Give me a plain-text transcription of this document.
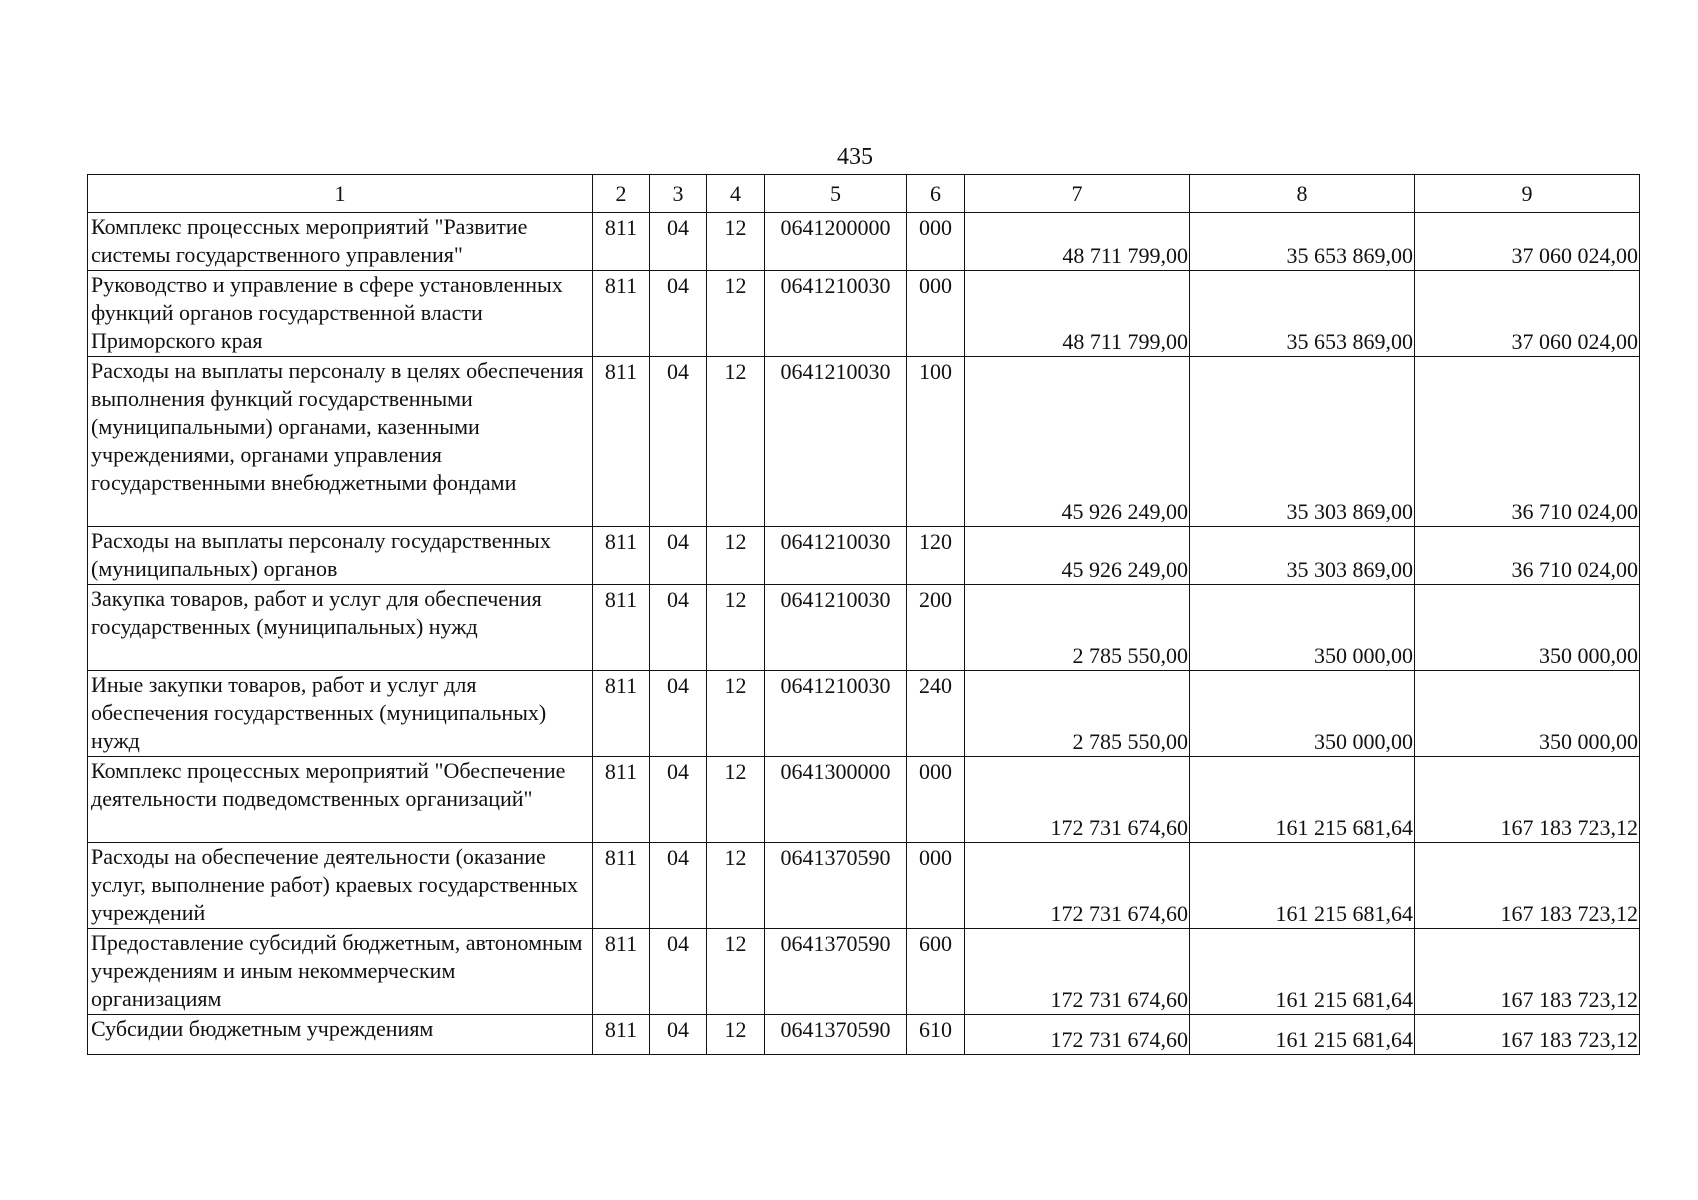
435
1	2	3	4	5	6	7	8	9
Комплекс процессных мероприятий "Развитие системы государственного управления"	811	04	12	0641200000	000	48 711 799,00	35 653 869,00	37 060 024,00
Руководство и управление в сфере установленных функций органов государственной власти Приморского края	811	04	12	0641210030	000	48 711 799,00	35 653 869,00	37 060 024,00
Расходы на выплаты персоналу в целях обеспечения выполнения функций государственными (муниципальными) органами, казенными учреждениями, органами управления государственными внебюджетными фондами	811	04	12	0641210030	100	45 926 249,00	35 303 869,00	36 710 024,00
Расходы на выплаты персоналу государственных (муниципальных) органов	811	04	12	0641210030	120	45 926 249,00	35 303 869,00	36 710 024,00
Закупка товаров, работ и услуг для обеспечения государственных (муниципальных) нужд	811	04	12	0641210030	200	2 785 550,00	350 000,00	350 000,00
Иные закупки товаров, работ и услуг для обеспечения государственных (муниципальных) нужд	811	04	12	0641210030	240	2 785 550,00	350 000,00	350 000,00
Комплекс процессных мероприятий "Обеспечение деятельности подведомственных организаций"	811	04	12	0641300000	000	172 731 674,60	161 215 681,64	167 183 723,12
Расходы на обеспечение деятельности (оказание услуг, выполнение работ) краевых государственных учреждений	811	04	12	0641370590	000	172 731 674,60	161 215 681,64	167 183 723,12
Предоставление субсидий бюджетным, автономным учреждениям и иным некоммерческим организациям	811	04	12	0641370590	600	172 731 674,60	161 215 681,64	167 183 723,12
Субсидии бюджетным учреждениям	811	04	12	0641370590	610	172 731 674,60	161 215 681,64	167 183 723,12
